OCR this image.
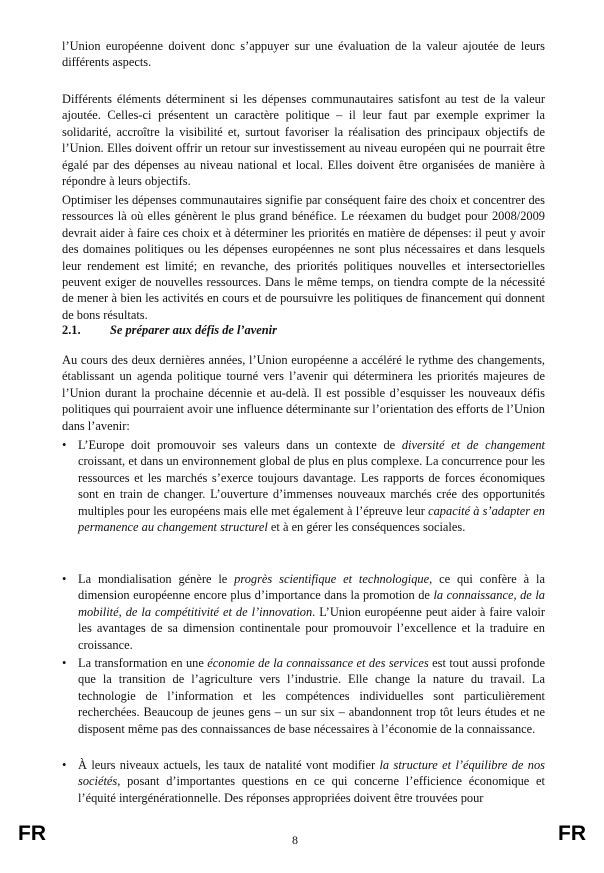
l’Union européenne doivent donc s’appuyer sur une évaluation de la valeur ajoutée de leurs différents aspects.

Différents éléments déterminent si les dépenses communautaires satisfont au test de la valeur ajoutée. Celles-ci présentent un caractère politique – il leur faut par exemple exprimer la solidarité, accroître la visibilité et, surtout favoriser la réalisation des principaux objectifs de l’Union. Elles doivent offrir un retour sur investissement au niveau européen qui ne pourrait être égalé par des dépenses au niveau national et local. Elles doivent être organisées de manière à répondre à leurs objectifs.

Optimiser les dépenses communautaires signifie par conséquent faire des choix et concentrer des ressources là où elles génèrent le plus grand bénéfice. Le réexamen du budget pour 2008/2009 devrait aider à faire ces choix et à déterminer les priorités en matière de dépenses: il peut y avoir des domaines politiques ou les dépenses européennes ne sont plus nécessaires et dans lesquels leur rendement est limité; en revanche, des priorités politiques nouvelles et intersectorielles peuvent exiger de nouvelles ressources. Dans le même temps, on tiendra compte de la nécessité de mener à bien les activités en cours et de poursuivre les politiques de financement qui donnent de bons résultats.

2.1. Se préparer aux défis de l’avenir

Au cours des deux dernières années, l’Union européenne a accéléré le rythme des changements, établissant un agenda politique tourné vers l’avenir qui déterminera les priorités majeures de l’Union durant la prochaine décennie et au-delà. Il est possible d’esquisser les nouveaux défis politiques qui pourraient avoir une influence déterminante sur l’orientation des efforts de l’Union dans l’avenir:

• L’Europe doit promouvoir ses valeurs dans un contexte de diversité et de changement croissant, et dans un environnement global de plus en plus complexe. La concurrence pour les ressources et les marchés s’exerce toujours davantage. Les rapports de forces économiques sont en train de changer. L’ouverture d’immenses nouveaux marchés crée des opportunités multiples pour les européens mais elle met également à l’épreuve leur capacité à s’adapter en permanence au changement structurel et à en gérer les conséquences sociales.
• La mondialisation génère le progrès scientifique et technologique, ce qui confère à la dimension européenne encore plus d’importance dans la promotion de la connaissance, de la mobilité, de la compétitivité et de l’innovation. L’Union européenne peut aider à faire valoir les avantages de sa dimension continentale pour promouvoir l’excellence et la traduire en croissance.
• La transformation en une économie de la connaissance et des services est tout aussi profonde que la transition de l’agriculture vers l’industrie. Elle change la nature du travail. La technologie de l’information et les compétences individuelles sont particulièrement recherchées. Beaucoup de jeunes gens – un sur six – abandonnent trop tôt leurs études et ne disposent même pas des connaissances de base nécessaires à l’économie de la connaissance.
• À leurs niveaux actuels, les taux de natalité vont modifier la structure et l’équilibre de nos sociétés, posant d’importantes questions en ce qui concerne l’efficience économique et l’équité intergénérationnelle. Des réponses appropriées doivent être trouvées pour
FR	8	FR
